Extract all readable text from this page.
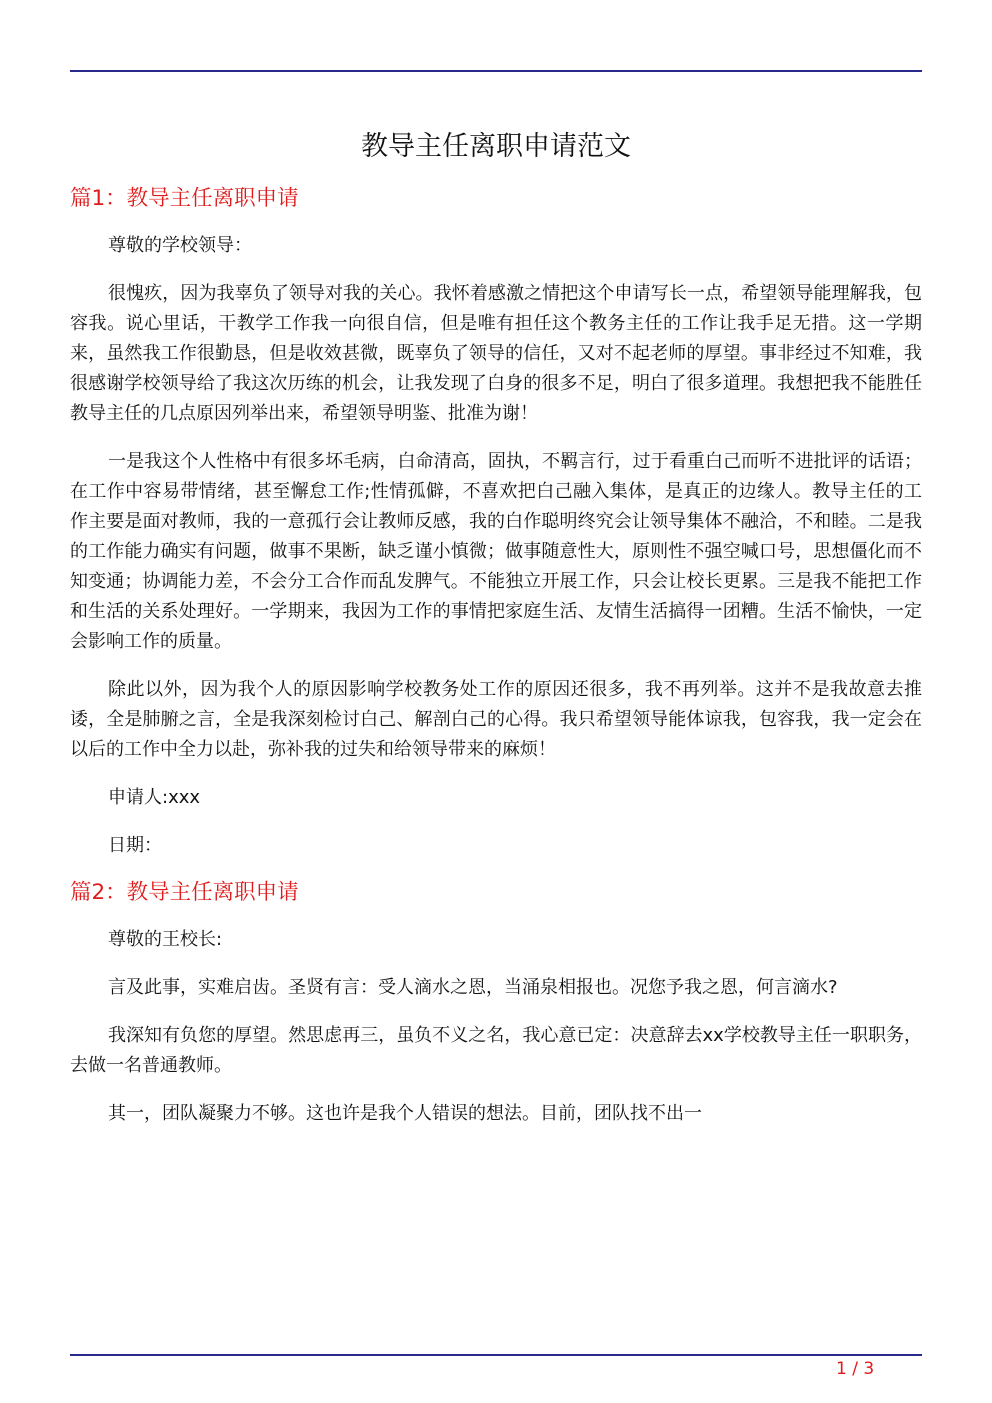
教导主任离职申请范文
篇1：教导主任离职申请

尊敬的学校领导：

很愧疚，因为我辜负了领导对我的关心。我怀着感激之情把这个申请写长一点，希望领导能理解我，包容我。说心里话，干教学工作我一向很自信，但是唯有担任这个教务主任的工作让我手足无措。这一学期来，虽然我工作很勤恳，但是收效甚微，既辜负了领导的信任，又对不起老师的厚望。事非经过不知难，我很感谢学校领导给了我这次历练的机会，让我发现了白身的很多不足，明白了很多道理。我想把我不能胜任教导主任的几点原因列举出来，希望领导明鉴、批准为谢！

一是我这个人性格中有很多坏毛病，白命清高，固执，不羁言行，过于看重白己而听不进批评的话语；在工作中容易带情绪，甚至懈怠工作;性情孤僻，不喜欢把白己融入集体，是真正的边缘人。教导主任的工作主要是面对教师，我的一意孤行会让教师反感，我的白作聪明终究会让领导集体不融洽，不和睦。二是我的工作能力确实有问题，做事不果断，缺乏谨小慎微；做事随意性大，原则性不强空喊口号，思想僵化而不知变通；协调能力差，不会分工合作而乱发脾气。不能独立开展工作，只会让校长更累。三是我不能把工作和生活的关系处理好。一学期来，我因为工作的事情把家庭生活、友情生活搞得一团糟。生活不愉快，一定会影响工作的质量。

除此以外，因为我个人的原因影响学校教务处工作的原因还很多，我不再列举。这并不是我故意去推诿，全是肺腑之言，全是我深刻检讨白己、解剖白己的心得。我只希望领导能体谅我，包容我，我一定会在以后的工作中全力以赴，弥补我的过失和给领导带来的麻烦！

申请人:xxx

日期：

篇2：教导主任离职申请

尊敬的王校长:

言及此事，实难启齿。圣贤有言：受人滴水之恩，当涌泉相报也。况您予我之恩，何言滴水?

我深知有负您的厚望。然思虑再三，虽负不义之名，我心意已定：决意辞去xx学校教导主任一职职务，去做一名普通教师。

其一，团队凝聚力不够。这也许是我个人错误的想法。目前，团队找不出一

1 / 3
